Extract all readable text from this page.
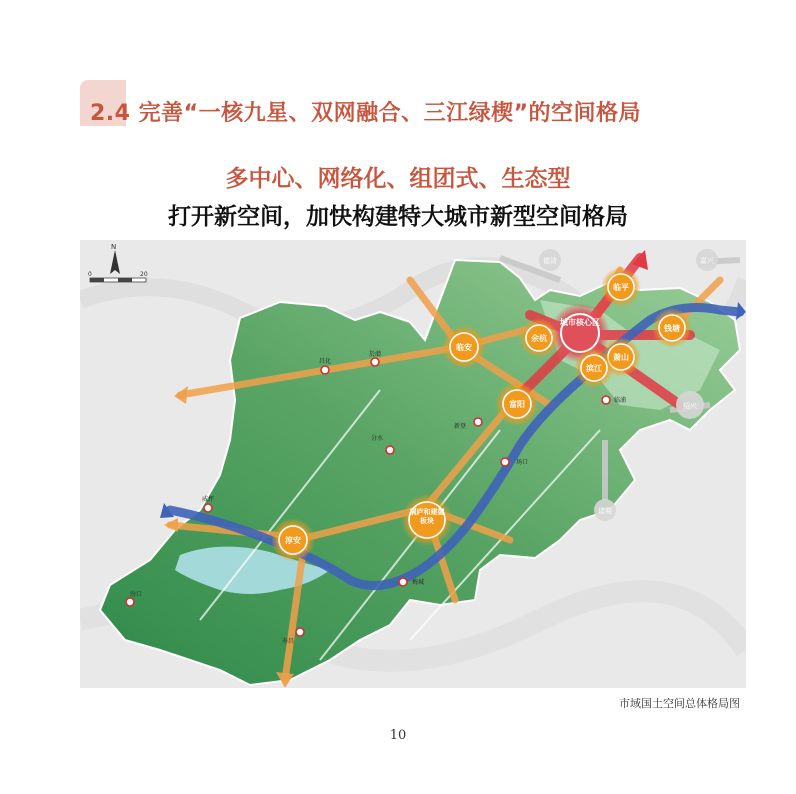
2.4 完善“一核九星、双网融合、三江绿楔”的空间格局
多中心、网络化、组团式、生态型
打开新空间，加快构建特大城市新型空间格局
N
0	20
德清	嘉兴
诸暨
绍兴
昌化
於潜
新登
分水
场口
临浦
寿昌
梅城
汾口
威坪
城市核心区
临平
余杭
钱塘
萧山
滨江
临安
富阳
淳安
桐庐和建德板块
市域国土空间总体格局图
10
